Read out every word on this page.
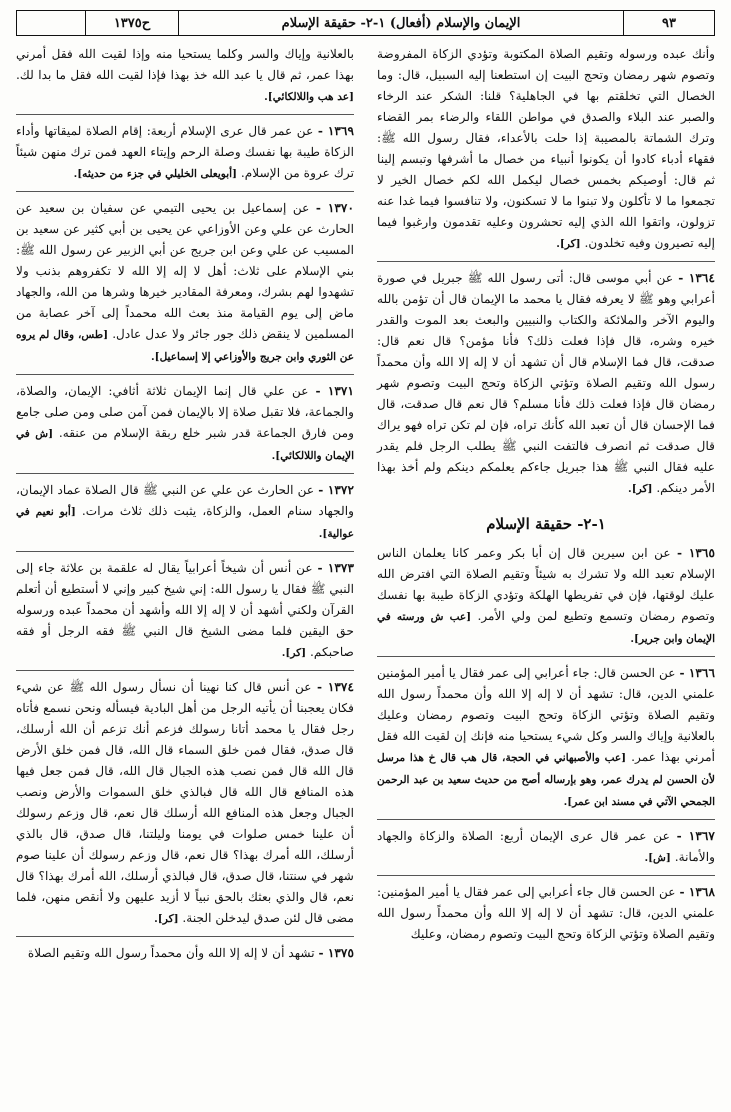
٩٣
الإيمان والإسلام (أفعال) ١-٢- حقيقة الإسلام
ح١٣٧٥

وأنك عبده ورسوله وتقيم الصلاة المكتوبة وتؤدي الزكاة المفروضة وتصوم شهر رمضان وتحج البيت إن استطعنا إليه السبيل، قال: وما الخصال التي تخلقتم بها في الجاهلية؟ قلنا: الشكر عند الرخاء والصبر عند البلاء والصدق في مواطن اللقاء والرضاء بمر القضاء وترك الشماتة بالمصيبة إذا حلت بالأعداء، فقال رسول الله ﷺ: فقهاء أدباء كادوا أن يكونوا أنبياء من خصال ما أشرفها وتبسم إلينا ثم قال: أوصيكم بخمس خصال ليكمل الله لكم خصال الخير لا تجمعوا ما لا تأكلون ولا تبنوا ما لا تسكنون، ولا تنافسوا فيما غدا عنه تزولون، واتقوا الله الذي إليه تحشرون وعليه تقدمون وارغبوا فيما إليه تصيرون وفيه تخلدون. [كر].

١٣٦٤ - عن أبي موسى قال: أتى رسول الله ﷺ جبريل في صورة أعرابي وهو ﷺ لا يعرفه فقال يا محمد ما الإيمان قال أن تؤمن بالله واليوم الآخر والملائكة والكتاب والنبيين والبعث بعد الموت والقدر خيره وشره، قال فإذا فعلت ذلك؟ فأنا مؤمن؟ قال نعم قال: صدقت، قال فما الإسلام قال أن تشهد أن لا إله إلا الله وأن محمداً رسول الله وتقيم الصلاة وتؤتي الزكاة وتحج البيت وتصوم شهر رمضان قال فإذا فعلت ذلك فأنا مسلم؟ قال نعم قال صدقت، قال فما الإحسان قال أن تعبد الله كأنك تراه، فإن لم تكن تراه فهو يراك قال صدقت ثم انصرف فالتفت النبي ﷺ يطلب الرجل فلم يقدر عليه فقال النبي ﷺ هذا جبريل جاءكم يعلمكم دينكم ولم أخذ بهذا الأمر دينكم. [كر].

١-٢- حقيقة الإسلام

١٣٦٥ - عن ابن سيرين قال إن أبا بكر وعمر كانا يعلمان الناس الإسلام تعبد الله ولا تشرك به شيئاً وتقيم الصلاة التي افترض الله عليك لوقتها، فإن في تفريطها الهلكة وتؤدي الزكاة طيبة بها نفسك وتصوم رمضان وتسمع وتطيع لمن ولي الأمر. [عب ش ورسته في الإيمان وابن جرير].

١٣٦٦ - عن الحسن قال: جاء أعرابي إلى عمر فقال يا أمير المؤمنين علمني الدين، قال: تشهد أن لا إله إلا الله وأن محمداً رسول الله وتقيم الصلاة وتؤتي الزكاة وتحج البيت وتصوم رمضان وعليك بالعلانية وإياك والسر وكل شيء يستحيا منه فإنك إن لقيت الله فقل أمرني بهذا عمر. [عب والأصبهاني في الحجة، قال هب قال خ هذا مرسل لأن الحسن لم يدرك عمر، وهو بإرساله أصح من حديث سعيد بن عبد الرحمن الجمحي الآتي في مسند ابن عمر].

١٣٦٧ - عن عمر قال عرى الإيمان أربع: الصلاة والزكاة والجهاد والأمانة. [ش].

١٣٦٨ - عن الحسن قال جاء أعرابي إلى عمر فقال يا أمير المؤمنين: علمني الدين، قال: تشهد أن لا إله إلا الله وأن محمداً رسول الله وتقيم الصلاة وتؤتي الزكاة وتحج البيت وتصوم رمضان، وعليك

بالعلانية وإياك والسر وكلما يستحيا منه وإذا لقيت الله فقل أمرني بهذا عمر، ثم قال يا عبد الله خذ بهذا فإذا لقيت الله فقل ما بدا لك. [عد هب واللالكائي].

١٣٦٩ - عن عمر قال عرى الإسلام أربعة: إقام الصلاة لميقاتها وأداء الزكاة طيبة بها نفسك وصلة الرحم وإيتاء العهد فمن ترك منهن شيئاً ترك عروة من الإسلام. [أبويعلى الخليلي في جزء من حديثه].

١٣٧٠ - عن إسماعيل بن يحيى التيمي عن سفيان بن سعيد عن الحارث عن علي وعن الأوزاعي عن يحيى بن أبي كثير عن سعيد بن المسيب عن علي وعن ابن جريج عن أبي الزبير عن رسول الله ﷺ: بني الإسلام على ثلاث: أهل لا إله إلا الله لا تكفروهم بذنب ولا تشهدوا لهم بشرك، ومعرفة المقادير خيرها وشرها من الله، والجهاد ماض إلى يوم القيامة منذ بعث الله محمداً إلى آخر عصابة من المسلمين لا ينقض ذلك جور جائر ولا عدل عادل. [طس، وقال لم يروه عن الثوري وابن جريج والأوزاعي إلا إسماعيل].

١٣٧١ - عن علي قال إنما الإيمان ثلاثة أثافي: الإيمان، والصلاة، والجماعة، فلا تقبل صلاة إلا بالإيمان فمن آمن صلى ومن صلى جامع ومن فارق الجماعة قدر شبر خلع ربقة الإسلام من عنقه. [ش في الإيمان واللالكائي].

١٣٧٢ - عن الحارث عن علي عن النبي ﷺ قال الصلاة عماد الإيمان، والجهاد سنام العمل، والزكاة، يثبت ذلك ثلاث مرات. [أبو نعيم في عوالية].

١٣٧٣ - عن أنس أن شيخاً أعرابياً يقال له علقمة بن علاثة جاء إلى النبي ﷺ فقال يا رسول الله: إني شيخ كبير وإني لا أستطيع أن أتعلم القرآن ولكني أشهد أن لا إله إلا الله وأشهد أن محمداً عبده ورسوله حق اليقين فلما مضى الشيخ قال النبي ﷺ فقه الرجل أو فقه صاحبكم. [كر].

١٣٧٤ - عن أنس قال كنا نهينا أن نسأل رسول الله ﷺ عن شيء فكان يعجبنا أن يأتيه الرجل من أهل البادية فيسأله ونحن نسمع فأتاه رجل فقال يا محمد أتانا رسولك فزعم أنك تزعم أن الله أرسلك، قال صدق، فقال فمن خلق السماء قال الله، قال فمن خلق الأرض قال الله قال فمن نصب هذه الجبال قال الله، قال فمن جعل فيها هذه المنافع قال الله قال فبالذي خلق السموات والأرض ونصب الجبال وجعل هذه المنافع الله أرسلك قال نعم، قال وزعم رسولك أن علينا خمس صلوات في يومنا وليلتنا، قال صدق، قال بالذي أرسلك، الله أمرك بهذا؟ قال نعم، قال وزعم رسولك أن علينا صوم شهر في سنتنا، قال صدق، قال فبالذي أرسلك، الله أمرك بهذا؟ قال نعم، قال والذي بعثك بالحق نبياً لا أزيد عليهن ولا أنقص منهن، فلما مضى قال لئن صدق ليدخلن الجنة. [كر].

١٣٧٥ - تشهد أن لا إله إلا الله وأن محمداً رسول الله وتقيم الصلاة
